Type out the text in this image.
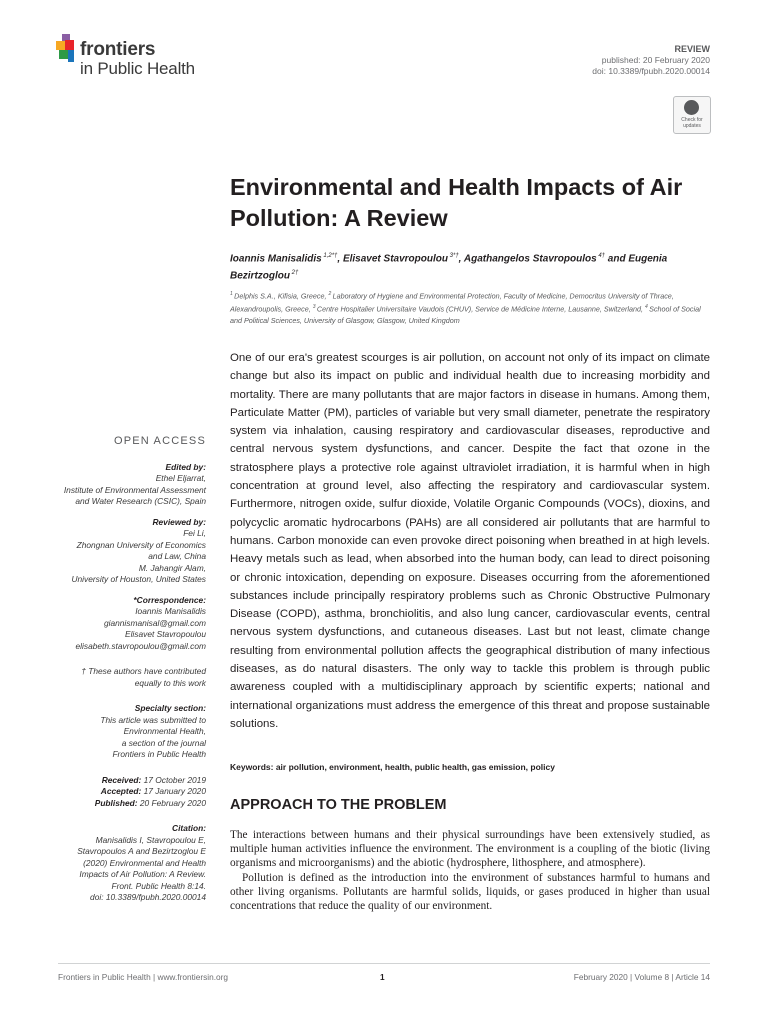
frontiers
in Public Health
REVIEW
published: 20 February 2020
doi: 10.3389/fpubh.2020.00014
Check for
updates
Environmental and Health Impacts of Air Pollution: A Review
Ioannis Manisalidis $^{1,2*\dagger}$, Elisavet Stavropoulou $^{3*\dagger}$, Agathangelos Stavropoulos $^{4\dagger}$ and Eugenia Bezirtzoglou $^{2\dagger}$
$^1$ Delphis S.A., Kifisia, Greece, $^2$ Laboratory of Hygiene and Environmental Protection, Faculty of Medicine, Democritus University of Thrace, Alexandroupolis, Greece, $^3$ Centre Hospitalier Universitaire Vaudois (CHUV), Service de Médicine Interne, Lausanne, Switzerland, $^4$ School of Social and Political Sciences, University of Glasgow, Glasgow, United Kingdom
One of our era's greatest scourges is air pollution, on account not only of its impact on climate change but also its impact on public and individual health due to increasing morbidity and mortality. There are many pollutants that are major factors in disease in humans. Among them, Particulate Matter (PM), particles of variable but very small diameter, penetrate the respiratory system via inhalation, causing respiratory and cardiovascular diseases, reproductive and central nervous system dysfunctions, and cancer. Despite the fact that ozone in the stratosphere plays a protective role against ultraviolet irradiation, it is harmful when in high concentration at ground level, also affecting the respiratory and cardiovascular system. Furthermore, nitrogen oxide, sulfur dioxide, Volatile Organic Compounds (VOCs), dioxins, and polycyclic aromatic hydrocarbons (PAHs) are all considered air pollutants that are harmful to humans. Carbon monoxide can even provoke direct poisoning when breathed in at high levels. Heavy metals such as lead, when absorbed into the human body, can lead to direct poisoning or chronic intoxication, depending on exposure. Diseases occurring from the aforementioned substances include principally respiratory problems such as Chronic Obstructive Pulmonary Disease (COPD), asthma, bronchiolitis, and also lung cancer, cardiovascular events, central nervous system dysfunctions, and cutaneous diseases. Last but not least, climate change resulting from environmental pollution affects the geographical distribution of many infectious diseases, as do natural disasters. The only way to tackle this problem is through public awareness coupled with a multidisciplinary approach by scientific experts; national and international organizations must address the emergence of this threat and propose sustainable solutions.
Keywords: air pollution, environment, health, public health, gas emission, policy
APPROACH TO THE PROBLEM

The interactions between humans and their physical surroundings have been extensively studied, as multiple human activities influence the environment. The environment is a coupling of the biotic (living organisms and microorganisms) and the abiotic (hydrosphere, lithosphere, and atmosphere).

Pollution is defined as the introduction into the environment of substances harmful to humans and other living organisms. Pollutants are harmful solids, liquids, or gases produced in higher than usual concentrations that reduce the quality of our environment.

OPEN ACCESS
Edited by:
Ethel Eljarrat,
Institute of Environmental Assessment
and Water Research (CSIC), Spain
Reviewed by:
Fei Li,
Zhongnan University of Economics
and Law, China
M. Jahangir Alam,
University of Houston, United States
*Correspondence:
Ioannis Manisalidis
giannismanisal@gmail.com
Elisavet Stavropoulou
elisabeth.stavropoulou@gmail.com
† These authors have contributed
equally to this work
Specialty section:
This article was submitted to
Environmental Health,
a section of the journal
Frontiers in Public Health
Received: 17 October 2019
Accepted: 17 January 2020
Published: 20 February 2020
Citation:
Manisalidis I, Stavropoulou E,
Stavropoulos A and Bezirtzoglou E
(2020) Environmental and Health
Impacts of Air Pollution: A Review.
Front. Public Health 8:14.
doi: 10.3389/fpubh.2020.00014
Frontiers in Public Health | www.frontiersin.org	1	February 2020 | Volume 8 | Article 14
